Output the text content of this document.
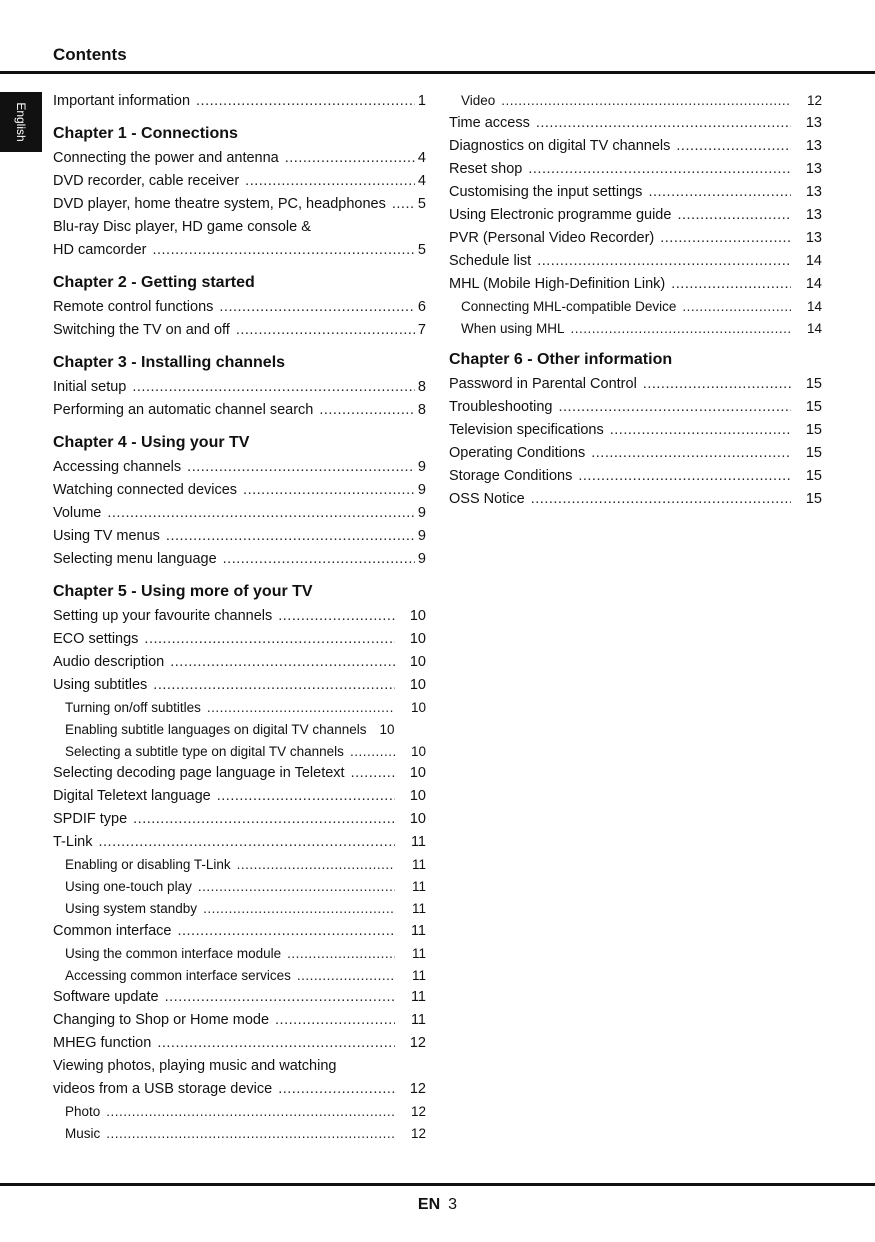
Contents
English
Important information .....	1
Chapter 1 - Connections
Connecting the power and antenna .....	4
DVD recorder, cable receiver .....	4
DVD player, home theatre system, PC, headphones ..... 5
Blu-ray Disc player, HD game console &
HD camcorder .....	5
Chapter 2 - Getting started
Remote control functions .....	6
Switching the TV on and off .....	7
Chapter 3 - Installing channels
Initial setup .....	8
Performing an automatic channel search .....	8
Chapter 4 - Using your TV
Accessing channels .....	9
Watching connected devices .....	9
Volume .....	9
Using TV menus .....	9
Selecting menu language .....	9
Chapter 5 - Using more of your TV
Setting up your favourite channels .....	10
ECO settings .....	10
Audio description .....	10
Using subtitles .....	10
Turning on/off subtitles .....	10
Enabling subtitle languages on digital TV channels 10
Selecting a subtitle type on digital TV channels .....	10
Selecting decoding page language in Teletext .....	10
Digital Teletext language .....	10
SPDIF type .....	10
T-Link .....	11
Enabling or disabling T-Link .....	11
Using one-touch play .....	11
Using system standby .....	11
Common interface .....	11
Using the common interface module .....	11
Accessing common interface services .....	11
Software update .....	11
Changing to Shop or Home mode .....	11
MHEG function .....	12
Viewing photos, playing music and watching
videos from a USB storage device .....	12
Photo .....	12
Music .....	12
Video .....	12
Time access .....	13
Diagnostics on digital TV channels .....	13
Reset shop .....	13
Customising the input settings .....	13
Using Electronic programme guide .....	13
PVR (Personal Video Recorder) .....	13
Schedule list .....	14
MHL (Mobile High-Definition Link) .....	14
Connecting MHL-compatible Device .....	14
When using MHL .....	14
Chapter 6 - Other information
Password in Parental Control .....	15
Troubleshooting .....	15
Television specifications .....	15
Operating Conditions .....	15
Storage Conditions .....	15
OSS Notice .....	15
EN 3
